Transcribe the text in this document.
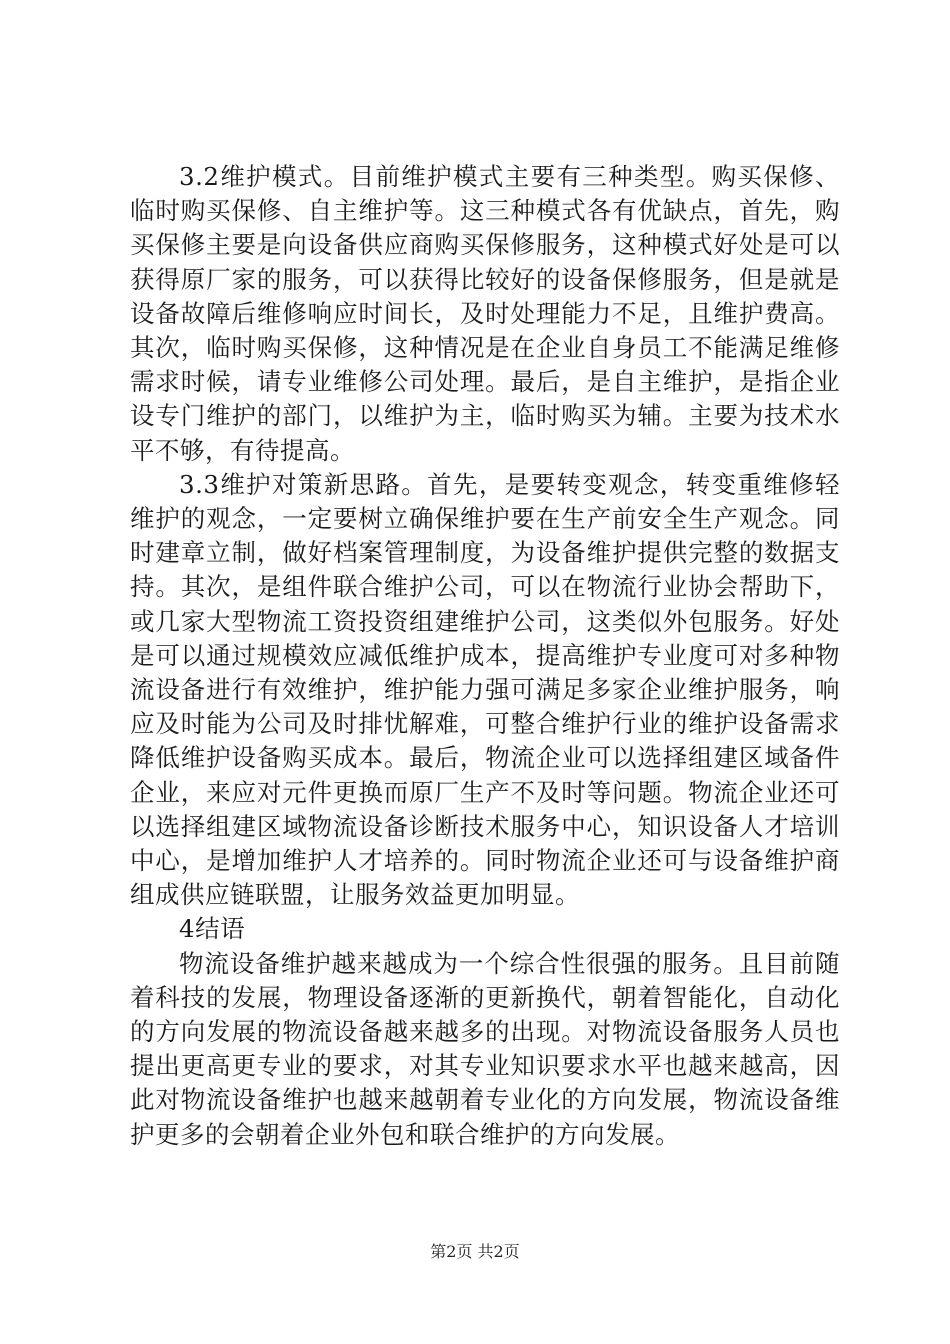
3.2维护模式。目前维护模式主要有三种类型。购买保修、临时购买保修、自主维护等。这三种模式各有优缺点，首先，购买保修主要是向设备供应商购买保修服务，这种模式好处是可以获得原厂家的服务，可以获得比较好的设备保修服务，但是就是设备故障后维修响应时间长，及时处理能力不足，且维护费高。其次，临时购买保修，这种情况是在企业自身员工不能满足维修需求时候，请专业维修公司处理。最后，是自主维护，是指企业设专门维护的部门，以维护为主，临时购买为辅。主要为技术水平不够，有待提高。

3.3维护对策新思路。首先，是要转变观念，转变重维修轻维护的观念，一定要树立确保维护要在生产前安全生产观念。同时建章立制，做好档案管理制度，为设备维护提供完整的数据支持。其次，是组件联合维护公司，可以在物流行业协会帮助下，或几家大型物流工资投资组建维护公司，这类似外包服务。好处是可以通过规模效应减低维护成本，提高维护专业度可对多种物流设备进行有效维护，维护能力强可满足多家企业维护服务，响应及时能为公司及时排忧解难，可整合维护行业的维护设备需求降低维护设备购买成本。最后，物流企业可以选择组建区域备件企业，来应对元件更换而原厂生产不及时等问题。物流企业还可以选择组建区域物流设备诊断技术服务中心，知识设备人才培训中心，是增加维护人才培养的。同时物流企业还可与设备维护商组成供应链联盟，让服务效益更加明显。

4结语

物流设备维护越来越成为一个综合性很强的服务。且目前随着科技的发展，物理设备逐渐的更新换代，朝着智能化，自动化的方向发展的物流设备越来越多的出现。对物流设备服务人员也提出更高更专业的要求，对其专业知识要求水平也越来越高，因此对物流设备维护也越来越朝着专业化的方向发展，物流设备维护更多的会朝着企业外包和联合维护的方向发展。

第2页 共2页
